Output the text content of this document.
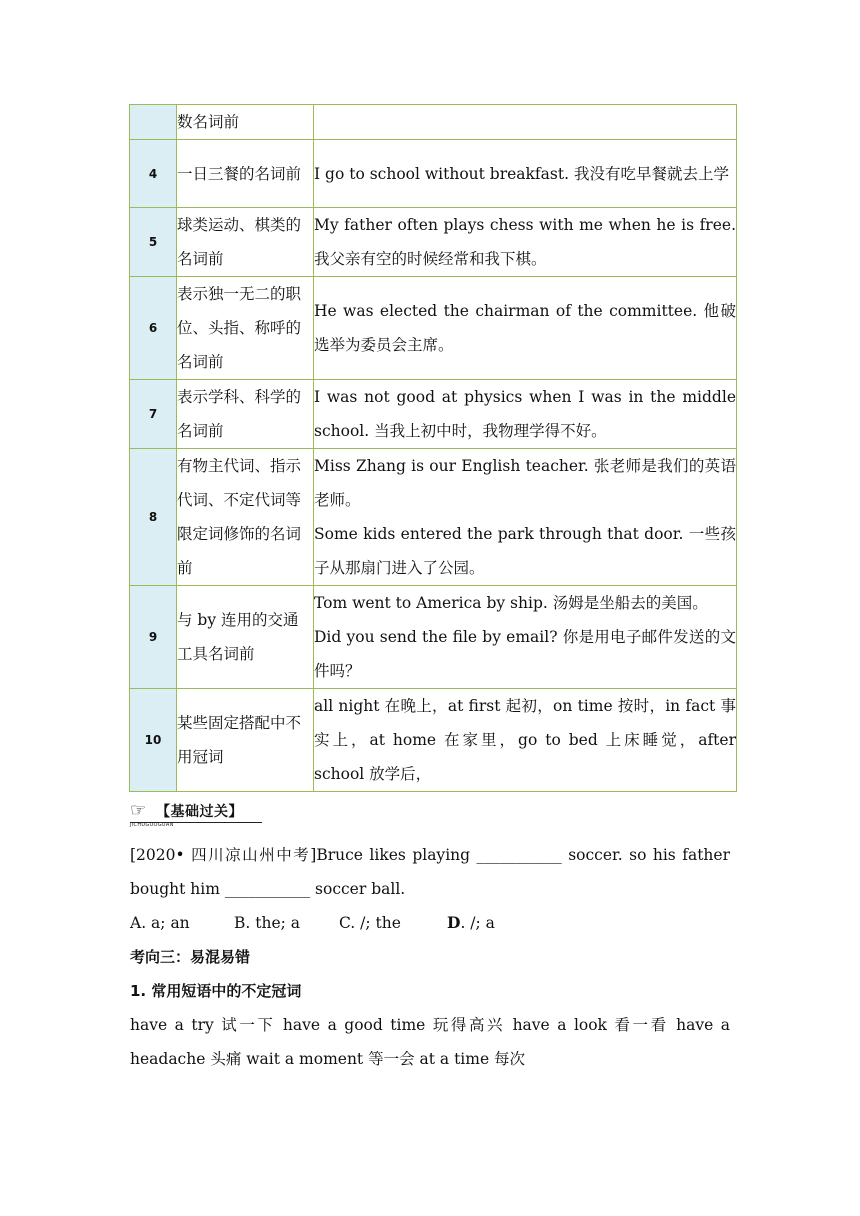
	数名词前	

4	一日三餐的名词前	I go to school without breakfast. 我没有吃早餐就去上学

5	球类运动、棋类的名词前	My father often plays chess with me when he is free. 我父亲有空的时候经常和我下棋。

6	表示独一无二的职位、头指、称呼的名词前	He was elected the chairman of the committee. 他破选举为委员会主席。

7	表示学科、科学的名词前	I was not good at physics when I was in the middle school. 当我上初中时，我物理学得不好。

8	有物主代词、指示代词、不定代词等限定词修饰的名词前	Miss Zhang is our English teacher. 张老师是我们的英语老师。

Some kids entered the park through that door. 一些孩子从那扇门进入了公园。

9	与 by 连用的交通工具名词前	Tom went to America by ship. 汤姆是坐船去的美国。

Did you send the file by email? 你是用电子邮件发送的文件吗？

10	某些固定搭配中不用冠词	all night 在晚上，at first 起初，on time 按时，in fact 事实上，at home 在家里，go to bed 上床睡觉，after school 放学后，

☞ 【基础过关】
JICHUGUOGUAN
[2020• 四川凉山州中考]Bruce likes playing ___________ soccer. so his father bought him ___________ soccer ball.
A. a; an	B. the; a	C. /; the	D. /; a
考向三：易混易错
1. 常用短语中的不定冠词
have a try 试一下 have a good time 玩得高兴 have a look 看一看 have a headache 头痛 wait a moment 等一会 at a time 每次
